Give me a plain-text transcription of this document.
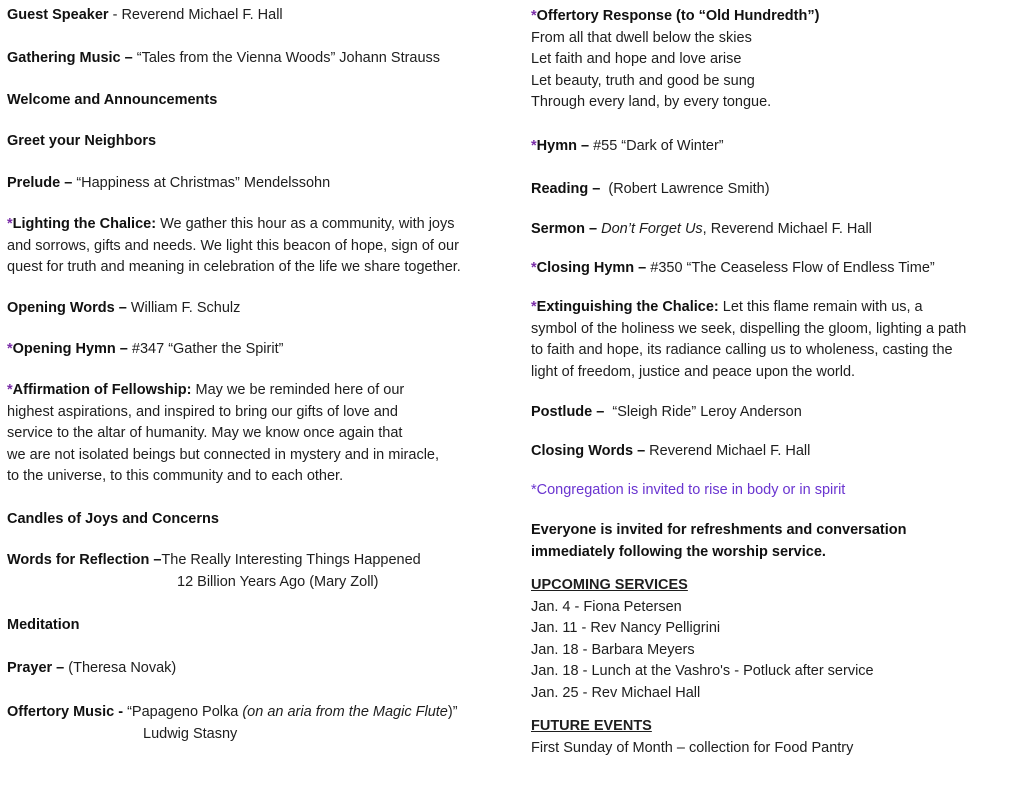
Guest Speaker - Reverend Michael F. Hall
Gathering Music – “Tales from the Vienna Woods” Johann Strauss
Welcome and Announcements
Greet your Neighbors
Prelude – “Happiness at Christmas” Mendelssohn
*Lighting the Chalice: We gather this hour as a community, with joys
and sorrows, gifts and needs. We light this beacon of hope, sign of our
quest for truth and meaning in celebration of the life we share together.
Opening Words – William F. Schulz
*Opening Hymn – #347 “Gather the Spirit”
*Affirmation of Fellowship: May we be reminded here of our
highest aspirations, and inspired to bring our gifts of love and
service to the altar of humanity. May we know once again that
we are not isolated beings but connected in mystery and in miracle,
to the universe, to this community and to each other.
Candles of Joys and Concerns
Words for Reflection –The Really Interesting Things Happened
12 Billion Years Ago (Mary Zoll)
Meditation
Prayer – (Theresa Novak)
Offertory Music - “Papageno Polka (on an aria from the Magic Flute)”
Ludwig Stasny
*Offertory Response (to “Old Hundredth”)
From all that dwell below the skies
Let faith and hope and love arise
Let beauty, truth and good be sung
Through every land, by every tongue.
*Hymn – #55 “Dark of Winter”
Reading –  (Robert Lawrence Smith)
Sermon – Don’t Forget Us, Reverend Michael F. Hall
*Closing Hymn – #350 “The Ceaseless Flow of Endless Time”
*Extinguishing the Chalice: Let this flame remain with us, a
symbol of the holiness we seek, dispelling the gloom, lighting a path
to faith and hope, its radiance calling us to wholeness, casting the
light of freedom, justice and peace upon the world.
Postlude –  “Sleigh Ride” Leroy Anderson
Closing Words – Reverend Michael F. Hall
*Congregation is invited to rise in body or in spirit
Everyone is invited for refreshments and conversation
immediately following the worship service.
UPCOMING SERVICES
Jan. 4 - Fiona Petersen
Jan. 11 - Rev Nancy Pelligrini
Jan. 18 - Barbara Meyers
Jan. 18 - Lunch at the Vashro's - Potluck after service
Jan. 25 - Rev Michael Hall
FUTURE EVENTS
First Sunday of Month – collection for Food Pantry
